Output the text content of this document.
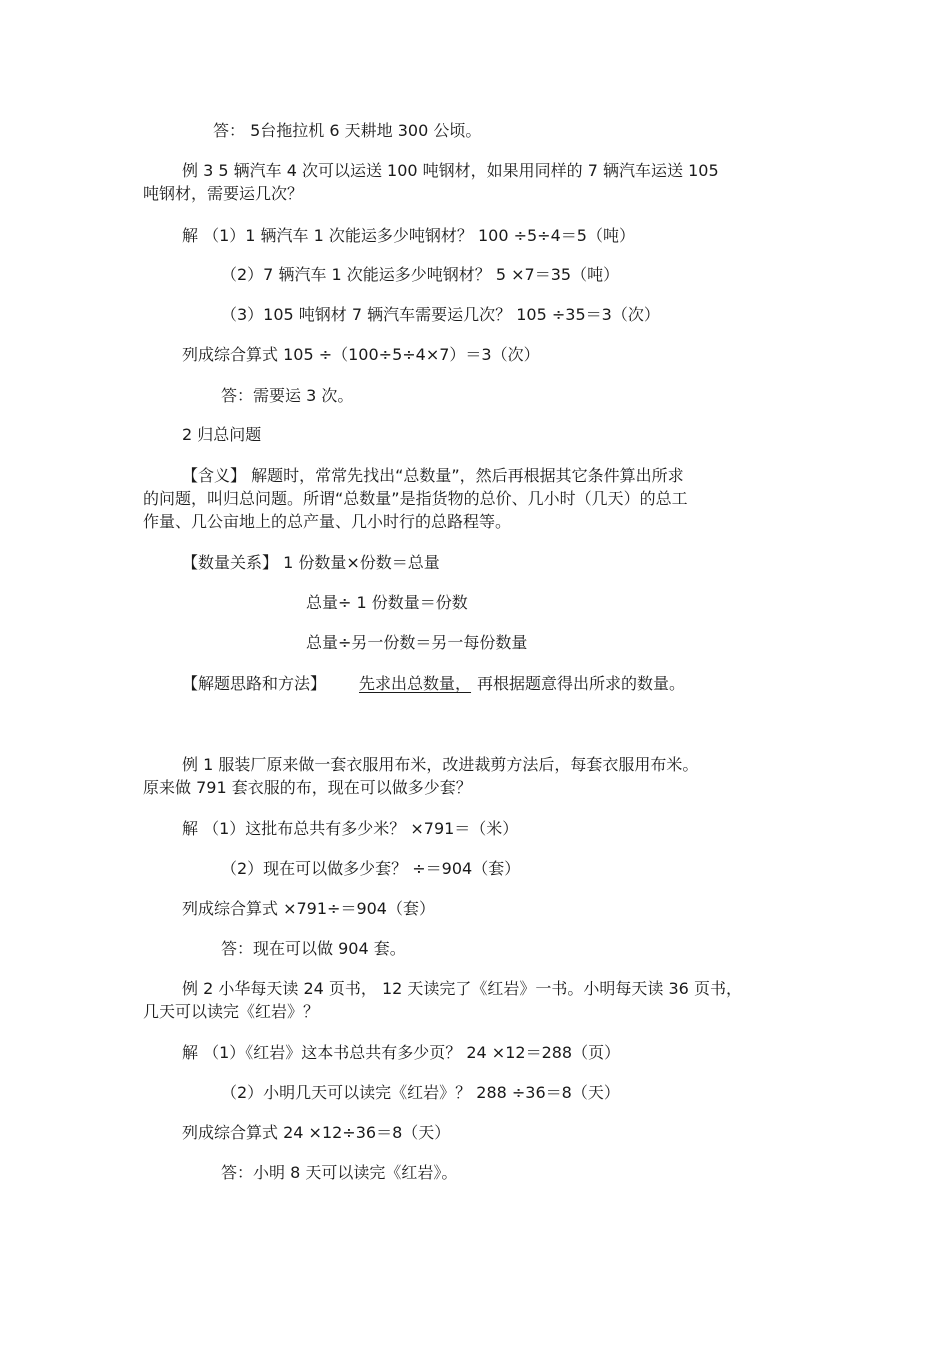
答： 5台拖拉机 6 天耕地 300 公顷。
例 3 5 辆汽车 4 次可以运送 100 吨钢材，如果用同样的 7 辆汽车运送 105
吨钢材，需要运几次？
解 （1）1 辆汽车 1 次能运多少吨钢材？ 100 ÷5÷4＝5（吨）
（2）7 辆汽车 1 次能运多少吨钢材？ 5 ×7＝35（吨）
（3）105 吨钢材 7 辆汽车需要运几次？ 105 ÷35＝3（次）
列成综合算式 105 ÷（100÷5÷4×7）＝3（次）
答：需要运 3 次。
2 归总问题
【含义】 解题时，常常先找出“总数量”，然后再根据其它条件算出所求
的问题，叫归总问题。所谓“总数量”是指货物的总价、几小时（几天）的总工
作量、几公亩地上的总产量、几小时行的总路程等。
【数量关系】 1 份数量×份数＝总量
总量÷ 1 份数量＝份数
总量÷另一份数＝另一每份数量
【解题思路和方法】 先求出总数量， 再根据题意得出所求的数量。
例 1 服装厂原来做一套衣服用布米，改进裁剪方法后，每套衣服用布米。
原来做 791 套衣服的布，现在可以做多少套？
解 （1）这批布总共有多少米？ ×791＝（米）
（2）现在可以做多少套？ ÷＝904（套）
列成综合算式 ×791÷＝904（套）
答：现在可以做 904 套。
例 2 小华每天读 24 页书， 12 天读完了《红岩》一书。小明每天读 36 页书，
几天可以读完《红岩》？
解 （1）《红岩》这本书总共有多少页？ 24 ×12＝288（页）
（2）小明几天可以读完《红岩》？ 288 ÷36＝8（天）
列成综合算式 24 ×12÷36＝8（天）
答：小明 8 天可以读完《红岩》。
